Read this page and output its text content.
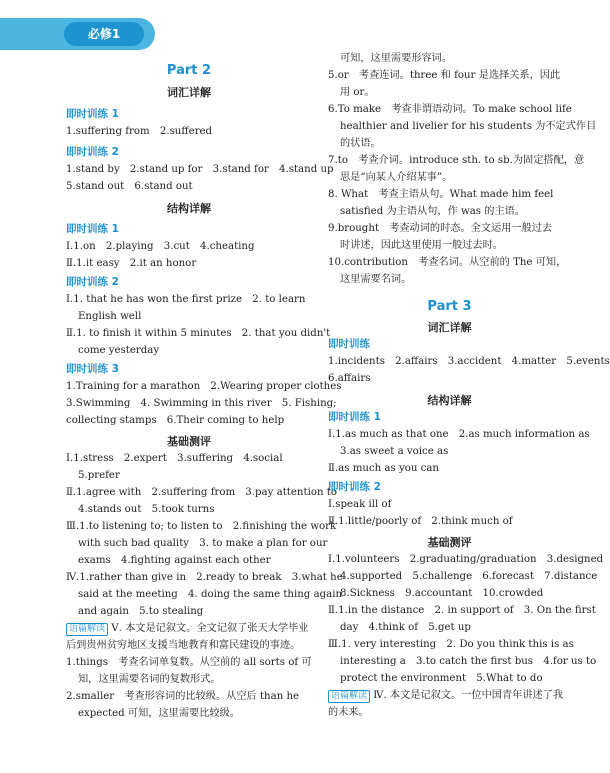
必修1
Part 2
词汇详解
即时训练 1
1.suffering from　2.suffered
即时训练 2
1.stand by　2.stand up for　3.stand for　4.stand up
5.stand out　6.stand out
结构详解
即时训练 1
Ⅰ.1.on　2.playing　3.cut　4.cheating
Ⅱ.1.it easy　2.it an honor
即时训练 2
Ⅰ.1. that he has won the first prize　2. to learn
English well
Ⅱ.1. to finish it within 5 minutes　2. that you didn't
come yesterday
即时训练 3
1.Training for a marathon　2.Wearing proper clothes
3.Swimming　4. Swimming in this river　5. Fishing;
collecting stamps　6.Their coming to help
基础测评
Ⅰ.1.stress　2.expert　3.suffering　4.social
5.prefer
Ⅱ.1.agree with　2.suffering from　3.pay attention to
4.stands out　5.took turns
Ⅲ.1.to listening to; to listen to　2.finishing the work
with such bad quality　3. to make a plan for our
exams　4.fighting against each other
Ⅳ.1.rather than give in　2.ready to break　3.what he
said at the meeting　4. doing the same thing again
and again　5.to stealing
语篇解读 Ⅴ. 本文是记叙文。全文记叙了张天大学毕业后到贵州贫穷地区支援当地教育和富民建设的事迹。
1.things　考查名词单复数。从空前的 all sorts of 可
知，这里需要名词的复数形式。
2.smaller　考查形容词的比较级。从空后 than he
expected 可知，这里需要比较级。
可知，这里需要形容词。
5.or　考查连词。three 和 four 是选择关系，因此
用 or。
6.To make　考查非谓语动词。To make school life
healthier and livelier for his students 为不定式作目
的状语。
7.to　考查介词。introduce sth. to sb.为固定搭配，意
思是“向某人介绍某事”。
8. What　考查主语从句。What made him feel
satisfied 为主语从句，作 was 的主语。
9.brought　考查动词的时态。全文运用一般过去
时讲述，因此这里使用一般过去时。
10.contribution　考查名词。从空前的 The 可知，
这里需要名词。
Part 3
词汇详解
即时训练
1.incidents　2.affairs　3.accident　4.matter　5.events
6.affairs
结构详解
即时训练 1
Ⅰ.1.as much as that one　2.as much information as
3.as sweet a voice as
Ⅱ.as much as you can
即时训练 2
Ⅰ.speak ill of
Ⅱ.1.little/poorly of　2.think much of
基础测评
Ⅰ.1.volunteers　2.graduating/graduation　3.designed
4.supported　5.challenge　6.forecast　7.distance
8.Sickness　9.accountant　10.crowded
Ⅱ.1.in the distance　2. in support of　3. On the first
day　4.think of　5.get up
Ⅲ.1. very interesting　2. Do you think this is as
interesting a　3.to catch the first bus　4.for us to
protect the environment　5.What to do
语篇解读 Ⅳ. 本文是记叙文。一位中国青年讲述了我的未来。
